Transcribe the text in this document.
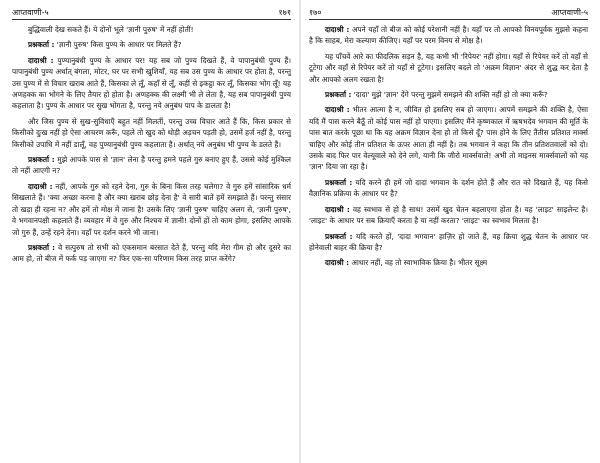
आप्तवाणी-५	१७१

बुद्धिवाली देख सकते हैं। ये दोनों भूले 'ज्ञानी पुरुष' में नहीं होतीं!

प्रश्नकर्ता : 'ज्ञानी पुरुष' किस पुण्य के आधार पर मिलते हैं?

दादाश्री : पुण्यानुबंधी पुण्य के आधार पर! यह सब जो पुण्य दिखते हैं, वे पापानुबंधी पुण्य हैं। पापानुबंधी पुण्य अर्थात् बंगला, मोटर, घर पर सभी खुशियाँ, यह सब उस पुण्य के आधार पर होता है, परन्तु उस पुण्य में से विचार खराब आते हैं, किसका ले लूँ, कहाँ से लूँ, कहीं से इकट्ठा कर लूँ, किसका भोग लूँ! यह अणहक्क का भोगने के लिए तैयार हो होता है। अणहक्क की लक्ष्मी भी ले लेता है, यह सब पापानुबंधी पुण्य कहलाता है। पुण्य के आधार पर सुख भोगता है, परन्तु नये अनुबंध पाप के डालता है!

और जिस पुण्य से सुख-सुविधाएँ बहुत नहीं मिलतीं, परन्तु उच्च विचार आते हैं कि, किस प्रकार से किसीको दुःख नहीं हो ऐसा आचरण करूँ, पहले तो खुद को थोड़ी अड़चन पड़ती हो, उसमें हर्ज नहीं है, परन्तु किसीको उपाधि में नहीं डालूँ, वह पुण्यानुबंधी पुण्य कहलाता है। अर्थात् नये अनुबंध भी पुण्य के डलते हैं।

प्रश्नकर्ता : मुझे आपके पास से 'ज्ञान' लेना है परन्तु हमने पहले गुरु बनाए हुए हैं, उससे कोई मुश्किल तो नहीं आएगी न?

दादाश्री : नहीं, आपके गुरु को रहने देना, गुरु के बिना किस तरह चलेगा? वे गुरु हमें सांसारिक धर्म सिखलाते हैं। 'क्या अच्छा करना है और क्या खराब छोड़ देना है' वे सारी बातें हमें समझाते हैं। परन्तु संसार तो खड़ा ही रहना न? और हमें तो मोक्ष में जाना है! उसके लिए 'ज्ञानी पुरुष' चाहिए अलग से, 'ज्ञानी पुरुष', वे भगवानपक्षी कहलाते हैं। व्यवहार में वे गुरु और निश्चय में ज्ञानी! दोनों हों तो काम होगा, इसलिए आपके जो गुरु हैं, उन्हें रहने देना। वहाँ पर दर्शन करने भी जाना।

प्रश्नकर्ता : वे सत्पुरुष तो सभी को एकसमान बरसात देते हैं, परन्तु यदि मेरा गीम हो और दूसरे का आम हो, तो बीज में फर्क पड़ जाएगा न? फिर एक-सा परिणाम किस तरह प्राप्त करेंगे?

१७०	आप्तवाणी-५

दादाश्री : अपने यहाँ तो बीज को कोई परेशानी नहीं है। यहाँ पर तो आपको विनयपूर्वक मुझसे कहना है कि साहब, मेरा कल्याण कीजिए। यहाँ पर परम विनय से मोक्ष है।

यह पाँचवें आरे का फीदलिक सड़न है, यह कभी भी 'रिपेयर' नहीं होगा। यहाँ से रिपेयर करें तो वहाँ से टूटेगा और वहाँ से रिपेयर करें तो यहाँ से टूटेगा। इसलिए बदले तो 'अक्रम विज्ञान' अंदर से शुद्ध कर देता है और आपको अलग रखता है!

प्रश्नकर्ता : 'दादा' मुझे 'ज्ञान' देंगे परन्तु मुझमें समझने की शक्ति नहीं हो तो क्या करूँ?

दादाश्री : भीतर आत्मा है न, जीवित हो इसलिए सब हो जाएगा। आपमें समझने की शक्ति है, ऐसा यदि मैं पास करने बैठूँ तो कोई पास नहीं हो पाएगा। इसलिए मैंने कृष्णकाल में ऋषभदेव भगवान की मूर्ति के पास बात करके पूछा था कि यह अक्रम विज्ञान देना हो तो किसे दूँ? पास होने के लिए तैंतीस प्रतिशत मार्क्स चाहिए और कोई तीन प्रतिशत के ऊपर आता ही नहीं है। तब भगवान ने कहा कि तीन प्रतिशतवालों को दो। उसके बाद फिर पार वेल्यूवाले को देने लगे, यानी कि जीरो मार्क्सवाले! अभी तो माइनस मार्क्सवालों को यह 'ज्ञान' दिया जा रहा है।

प्रश्नकर्ता : यदि करने ही हमें जो दादा भगवान के दर्शन होते हैं और रात को दिखाते हैं, यह किसे वैज्ञानिक प्रक्रिया के आधार पर है?

दादाश्री : वह स्वभाव से हो है साथ! उसमें खुद चेतन बहलाएगा होता है। यह 'लाइट' साइलेन्ट है। 'लाइट' के आधार पर सब क्रियाएँ करता है या नहीं करता? 'लाइट' का स्वभाव मिलता है!

प्रश्नकर्ता : यदि करते हों, 'दादा भगवान' हाज़िर हो जाते हैं, वह क्रिया शुद्ध चेतन के आधार पर होनेवाली बाहर की क्रिया है?

दादाश्री : आधार नहीं, वह तो स्वाभाविक क्रिया है। भीतर सूक्ष्म
